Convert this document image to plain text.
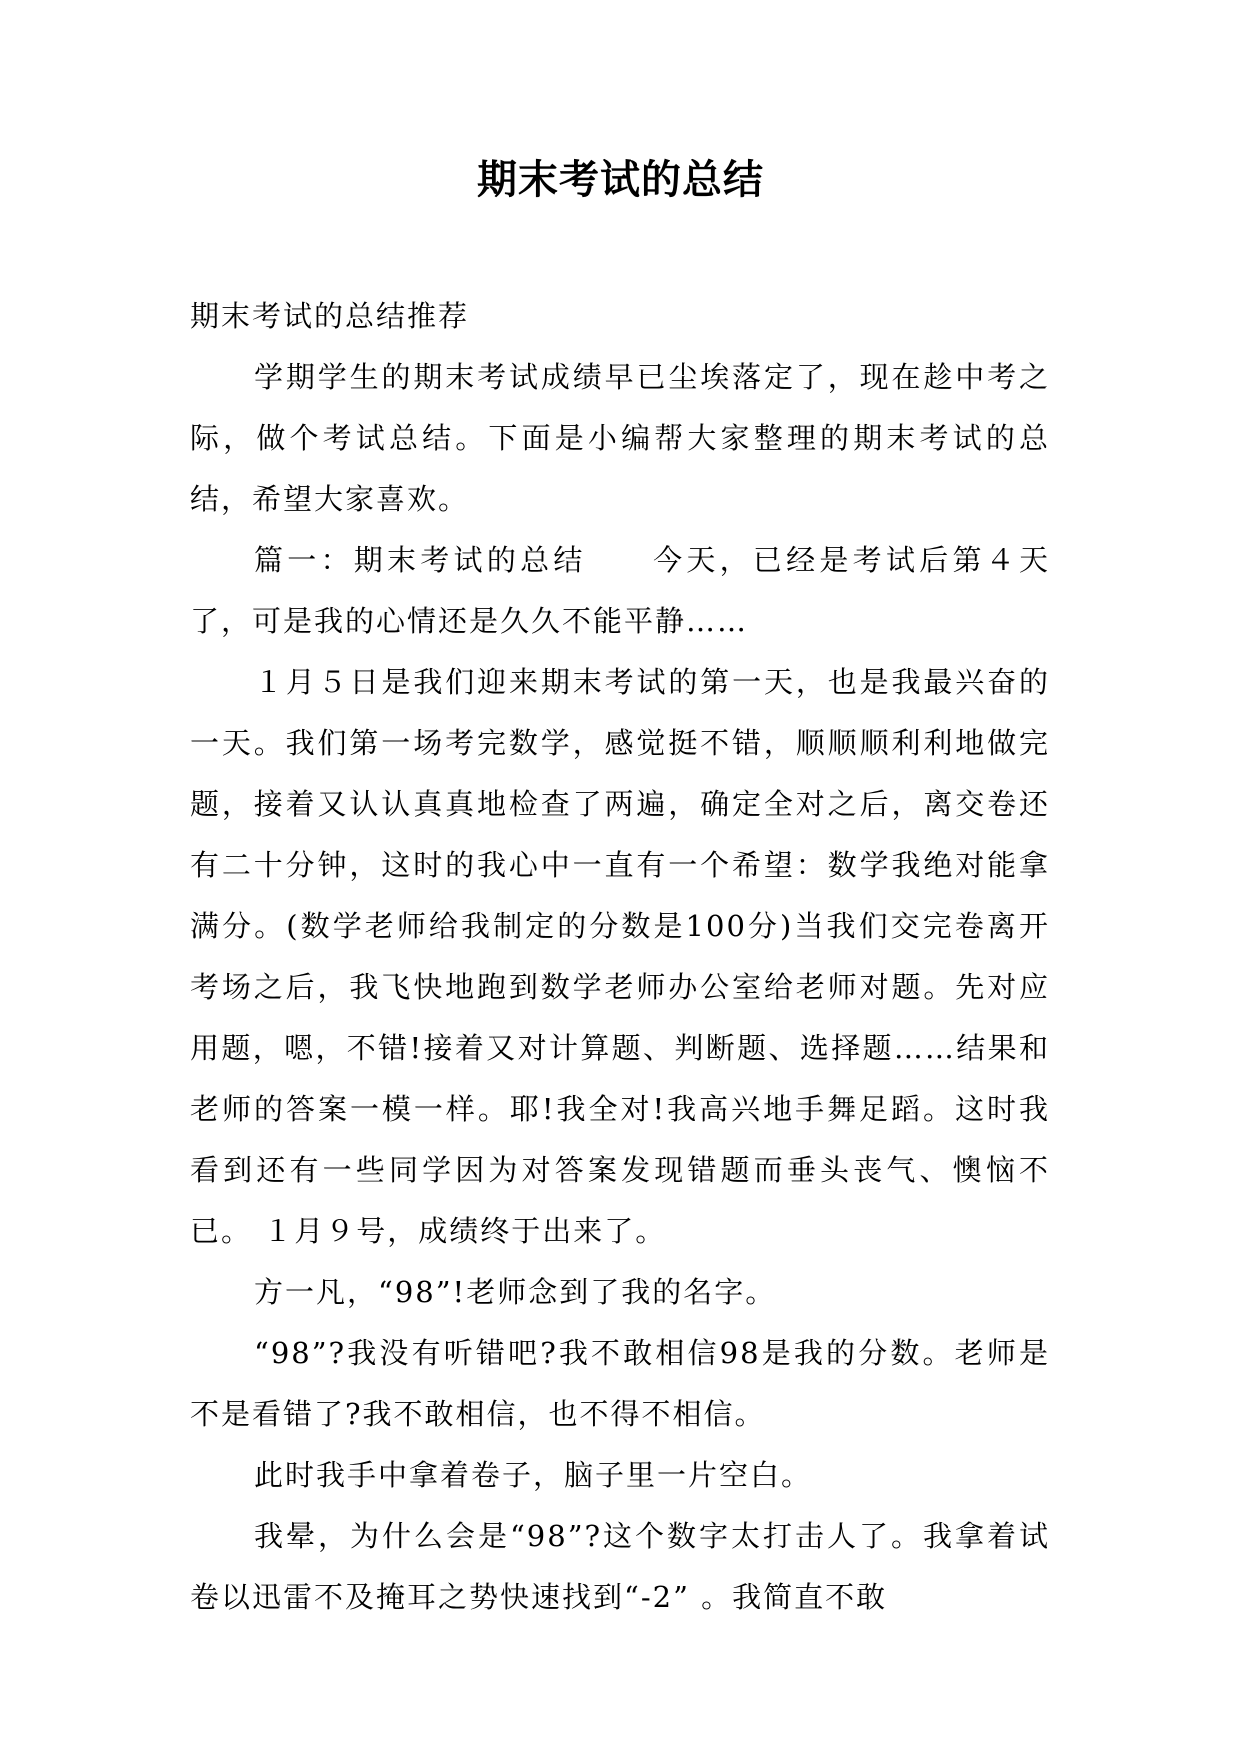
期末考试的总结

期末考试的总结推荐

学期学生的期末考试成绩早已尘埃落定了，现在趁中考之际，做个考试总结。下面是小编帮大家整理的期末考试的总结，希望大家喜欢。

篇一：期末考试的总结　　今天，已经是考试后第４天了，可是我的心情还是久久不能平静……

１月５日是我们迎来期末考试的第一天，也是我最兴奋的一天。我们第一场考完数学，感觉挺不错，顺顺顺利利地做完题，接着又认认真真地检查了两遍，确定全对之后，离交卷还有二十分钟，这时的我心中一直有一个希望：数学我绝对能拿满分。(数学老师给我制定的分数是100分)当我们交完卷离开考场之后，我飞快地跑到数学老师办公室给老师对题。先对应用题，嗯，不错!接着又对计算题、判断题、选择题……结果和老师的答案一模一样。耶!我全对!我高兴地手舞足蹈。这时我看到还有一些同学因为对答案发现错题而垂头丧气、懊恼不已。 １月９号，成绩终于出来了。

方一凡，“98”!老师念到了我的名字。

“98”?我没有听错吧?我不敢相信98是我的分数。老师是不是看错了?我不敢相信，也不得不相信。

此时我手中拿着卷子，脑子里一片空白。

我晕，为什么会是“98”?这个数字太打击人了。我拿着试卷以迅雷不及掩耳之势快速找到“-2” 。我简直不敢
